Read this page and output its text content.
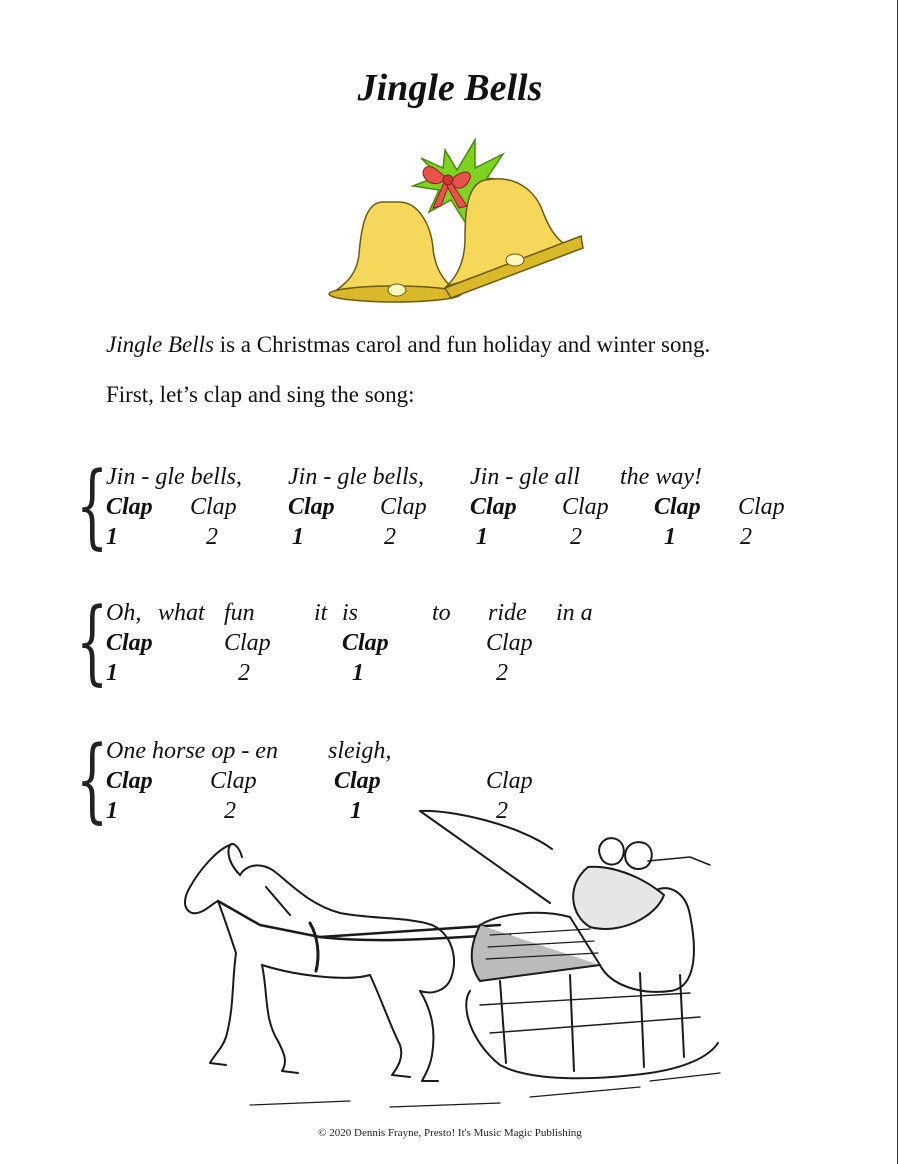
Jingle Bells

Jingle Bells is a Christmas carol and fun holiday and winter song.

First, let’s clap and sing the song:

{
Jin - gle bells, Jin - gle bells, Jin - gle all the way!
Clap Clap Clap Clap Clap Clap Clap Clap
1	2	1	2	1	2	1	2
{
Oh, what fun it is	to ride in a
Clap	Clap	Clap	Clap
1	2	1	2
{
One horse op - en sleigh,
Clap Clap	Clap	Clap
1	2	1	2
© 2020 Dennis Frayne, Presto! It's Music Magic Publishing
